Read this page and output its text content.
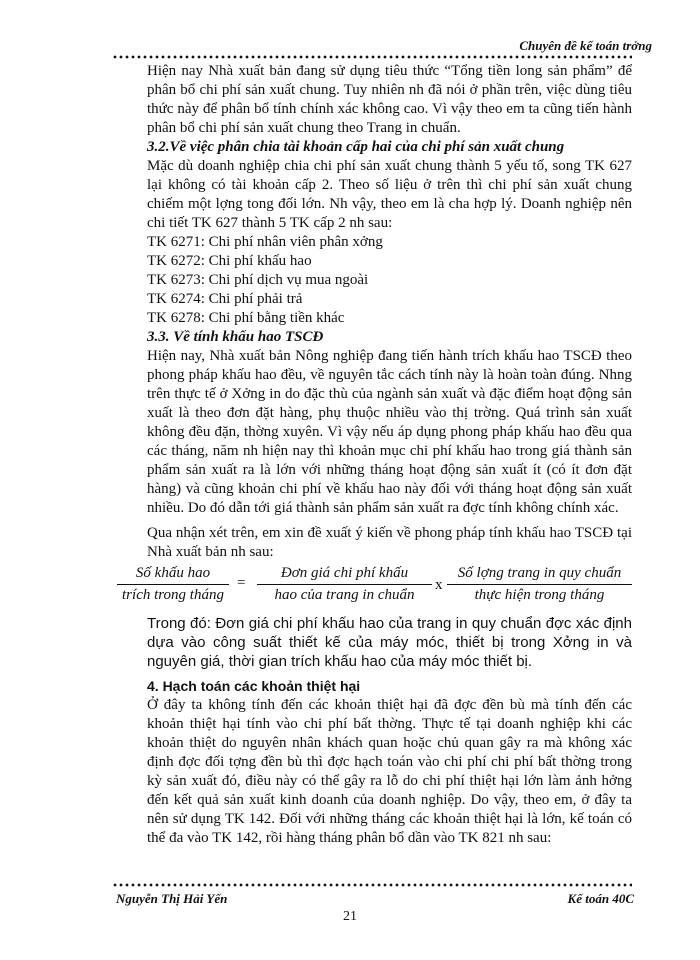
Chuyên đề kế toán trởng

Hiện nay Nhà xuất bản đang sử dụng tiêu thức “Tổng tiền long sản phẩm” để phân bổ chi phí sản xuất chung. Tuy nhiên nh đã nói ở phần trên, việc dùng tiêu thức này để phân bổ tính chính xác không cao. Vì vậy theo em ta cũng tiến hành phân bổ chi phí sản xuất chung theo Trang in chuẩn.

3.2.Về việc phân chia tài khoản cấp hai của chi phí sản xuất chung

Mặc dù doanh nghiệp chia chi phí sản xuất chung thành 5 yếu tố, song TK 627 lại không có tài khoản cấp 2. Theo số liệu ở trên thì chi phí sản xuất chung chiếm một lợng tong đối lớn. Nh vậy, theo em là cha hợp lý. Doanh nghiệp nên chi tiết TK 627 thành 5 TK cấp 2 nh sau:

TK 6271: Chi phí nhân viên phân xởng

TK 6272: Chi phí khấu hao

TK 6273: Chi phí dịch vụ mua ngoài

TK 6274: Chi phí phải trả

TK 6278: Chi phí bằng tiền khác

3.3. Về tính khấu hao TSCĐ

Hiện nay, Nhà xuất bản Nông nghiệp đang tiến hành trích khấu hao TSCĐ theo phong pháp khấu hao đều, về nguyên tắc cách tính này là hoàn toàn đúng. Nhng trên thực tế ở Xởng in do đặc thù của ngành sản xuất và đặc điểm hoạt động sản xuất là theo đơn đặt hàng, phụ thuộc nhiều vào thị trờng. Quá trình sản xuất không đều đặn, thờng xuyên. Vì vậy nếu áp dụng phong pháp khấu hao đều qua các tháng, năm nh hiện nay thì khoản mục chi phí khấu hao trong giá thành sản phẩm sản xuất ra là lớn với những tháng hoạt động sản xuất ít (có ít đơn đặt hàng) và cũng khoản chi phí về khấu hao này đối với tháng hoạt động sản xuất nhiều. Do đó dẫn tới giá thành sản phẩm sản xuất ra đợc tính không chính xác.

Qua nhận xét trên, em xin đề xuất ý kiến về phong pháp tính khấu hao TSCĐ tại Nhà xuất bản nh sau:

Số khấu hao
trích trong tháng
=
Đơn giá chi phí khấu
hao của trang in chuẩn
x
Số lợng trang in quy chuẩn
thực hiện trong tháng

Trong đó: Đơn giá chi phí khấu hao của trang in quy chuẩn đợc xác định dựa vào công suất thiết kế của máy móc, thiết bị trong Xởng in và nguyên giá, thời gian trích khấu hao của máy móc thiết bị.

4. Hạch toán các khoản thiệt hại

Ở đây ta không tính đến các khoản thiệt hại đã đợc đền bù mà tính đến các khoản thiệt hại tính vào chi phí bất thờng. Thực tế tại doanh nghiệp khi các khoản thiệt do nguyên nhân khách quan hoặc chủ quan gây ra mà không xác định đợc đối tợng đền bù thì đợc hạch toán vào chi phí chi phí bất thờng trong kỳ sản xuất đó, điều này có thể gây ra lỗ do chi phí thiệt hại lớn làm ảnh hởng đến kết quả sản xuất kinh doanh của doanh nghiệp. Do vậy, theo em, ở đây ta nên sử dụng TK 142. Đối với những tháng các khoản thiệt hại là lớn, kế toán có thể đa vào TK 142, rồi hàng tháng phân bổ dần vào TK 821 nh sau:

Nguyễn Thị Hải Yến	Kế toán 40C
21
